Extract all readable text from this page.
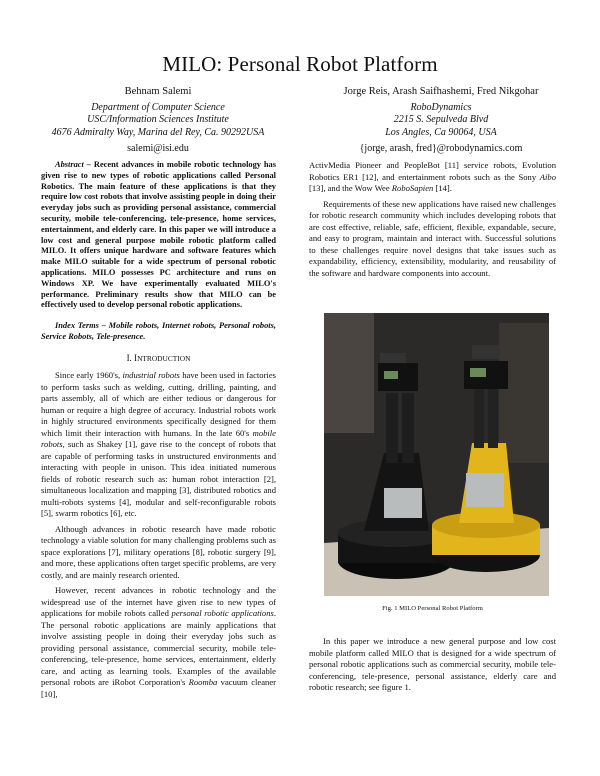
MILO: Personal Robot Platform
Behnam Salemi
Department of Computer Science
USC/Information Sciences Institute
4676 Admiralty Way, Marina del Rey, Ca. 90292USA
salemi@isi.edu
Jorge Reis, Arash Saifhashemi, Fred Nikgohar
RoboDynamics
2215 S. Sepulveda Blvd
Los Angles, Ca 90064, USA
{jorge, arash, fred}@robodynamics.com

Abstract – Recent advances in mobile robotic technology has given rise to new types of robotic applications called Personal Robotics. The main feature of these applications is that they require low cost robots that involve assisting people in doing their everyday jobs such as providing personal assistance, commercial security, mobile tele-conferencing, tele-presence, home services, entertainment, and elderly care. In this paper we will introduce a low cost and general purpose mobile robotic platform called MILO. It offers unique hardware and software features which make MILO suitable for a wide spectrum of personal robotic applications. MILO possesses PC architecture and runs on Windows XP. We have experimentally evaluated MILO's performance. Preliminary results show that MILO can be effectively used to develop personal robotic applications.

Index Terms – Mobile robots, Internet robots, Personal robots, Service Robots, Tele-presence.

I. INTRODUCTION

Since early 1960's, industrial robots have been used in factories to perform tasks such as welding, cutting, drilling, painting, and parts assembly, all of which are either tedious or dangerous for human or require a high degree of accuracy. Industrial robots work in highly structured environments specifically designed for them which limit their interaction with humans. In the late 60's mobile robots, such as Shakey [1], gave rise to the concept of robots that are capable of performing tasks in unstructured environments and interacting with people in unison. This idea initiated numerous fields of robotic research such as: human robot interaction [2], simultaneous localization and mapping [3], distributed robotics and multi-robots systems [4], modular and self-reconfigurable robots [5], swarm robotics [6], etc.

Although advances in robotic research have made robotic technology a viable solution for many challenging problems such as space explorations [7], military operations [8], robotic surgery [9], and more, these applications often target specific problems, are very costly, and are mainly research oriented.

However, recent advances in robotic technology and the widespread use of the internet have given rise to new types of applications for mobile robots called personal robotic applications. The personal robotic applications are mainly applications that involve assisting people in doing their everyday jobs such as providing personal assistance, commercial security, mobile tele-conferencing, tele-presence, home services, entertainment, elderly care, and acting as learning tools. Examples of the available personal robots are iRobot Corporation's Roomba vacuum cleaner [10],

ActivMedia Pioneer and PeopleBot [11] service robots, Evolution Robotics ER1 [12], and entertainment robots such as the Sony Aibo [13], and the Wow Wee RoboSapien [14].

Requirements of these new applications have raised new challenges for robotic research community which includes developing robots that are cost effective, reliable, safe, efficient, flexible, expandable, secure, and easy to program, maintain and interact with. Successful solutions to these challenges require novel designs that take issues such as expandability, efficiency, extensibility, modularity, and reusability of the software and hardware components into account.

Fig. 1 MILO Personal Robot Platform

In this paper we introduce a new general purpose and low cost mobile platform called MILO that is designed for a wide spectrum of personal robotic applications such as commercial security, mobile tele-conferencing, tele-presence, personal assistance, elderly care and robotic research; see figure 1.
